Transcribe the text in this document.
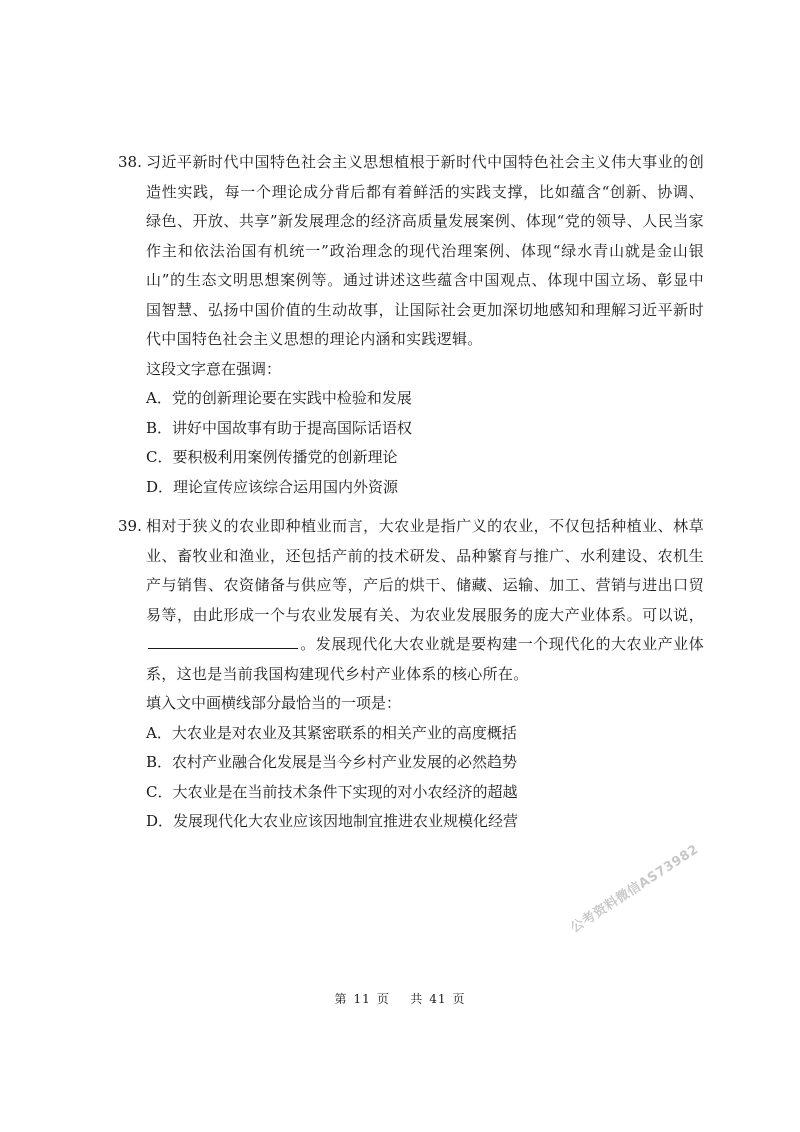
38. 习近平新时代中国特色社会主义思想植根于新时代中国特色社会主义伟大事业的创造性实践，每一个理论成分背后都有着鲜活的实践支撑，比如蕴含“创新、协调、绿色、开放、共享”新发展理念的经济高质量发展案例、体现“党的领导、人民当家作主和依法治国有机统一”政治理念的现代治理案例、体现“绿水青山就是金山银山”的生态文明思想案例等。通过讲述这些蕴含中国观点、体现中国立场、彰显中国智慧、弘扬中国价值的生动故事，让国际社会更加深切地感知和理解习近平新时代中国特色社会主义思想的理论内涵和实践逻辑。
这段文字意在强调：
A．党的创新理论要在实践中检验和发展
B．讲好中国故事有助于提高国际话语权
C．要积极利用案例传播党的创新理论
D．理论宣传应该综合运用国内外资源
39. 相对于狭义的农业即种植业而言，大农业是指广义的农业，不仅包括种植业、林草业、畜牧业和渔业，还包括产前的技术研发、品种繁育与推广、水利建设、农机生产与销售、农资储备与供应等，产后的烘干、储藏、运输、加工、营销与进出口贸易等，由此形成一个与农业发展有关、为农业发展服务的庞大产业体系。可以说，。发展现代化大农业就是要构建一个现代化的大农业产业体系，这也是当前我国构建现代乡村产业体系的核心所在。
填入文中画横线部分最恰当的一项是：
A．大农业是对农业及其紧密联系的相关产业的高度概括
B．农村产业融合化发展是当今乡村产业发展的必然趋势
C．大农业是在当前技术条件下实现的对小农经济的超越
D．发展现代化大农业应该因地制宜推进农业规模化经营
公考资料微信AS73982
第 11 页 共 41 页
